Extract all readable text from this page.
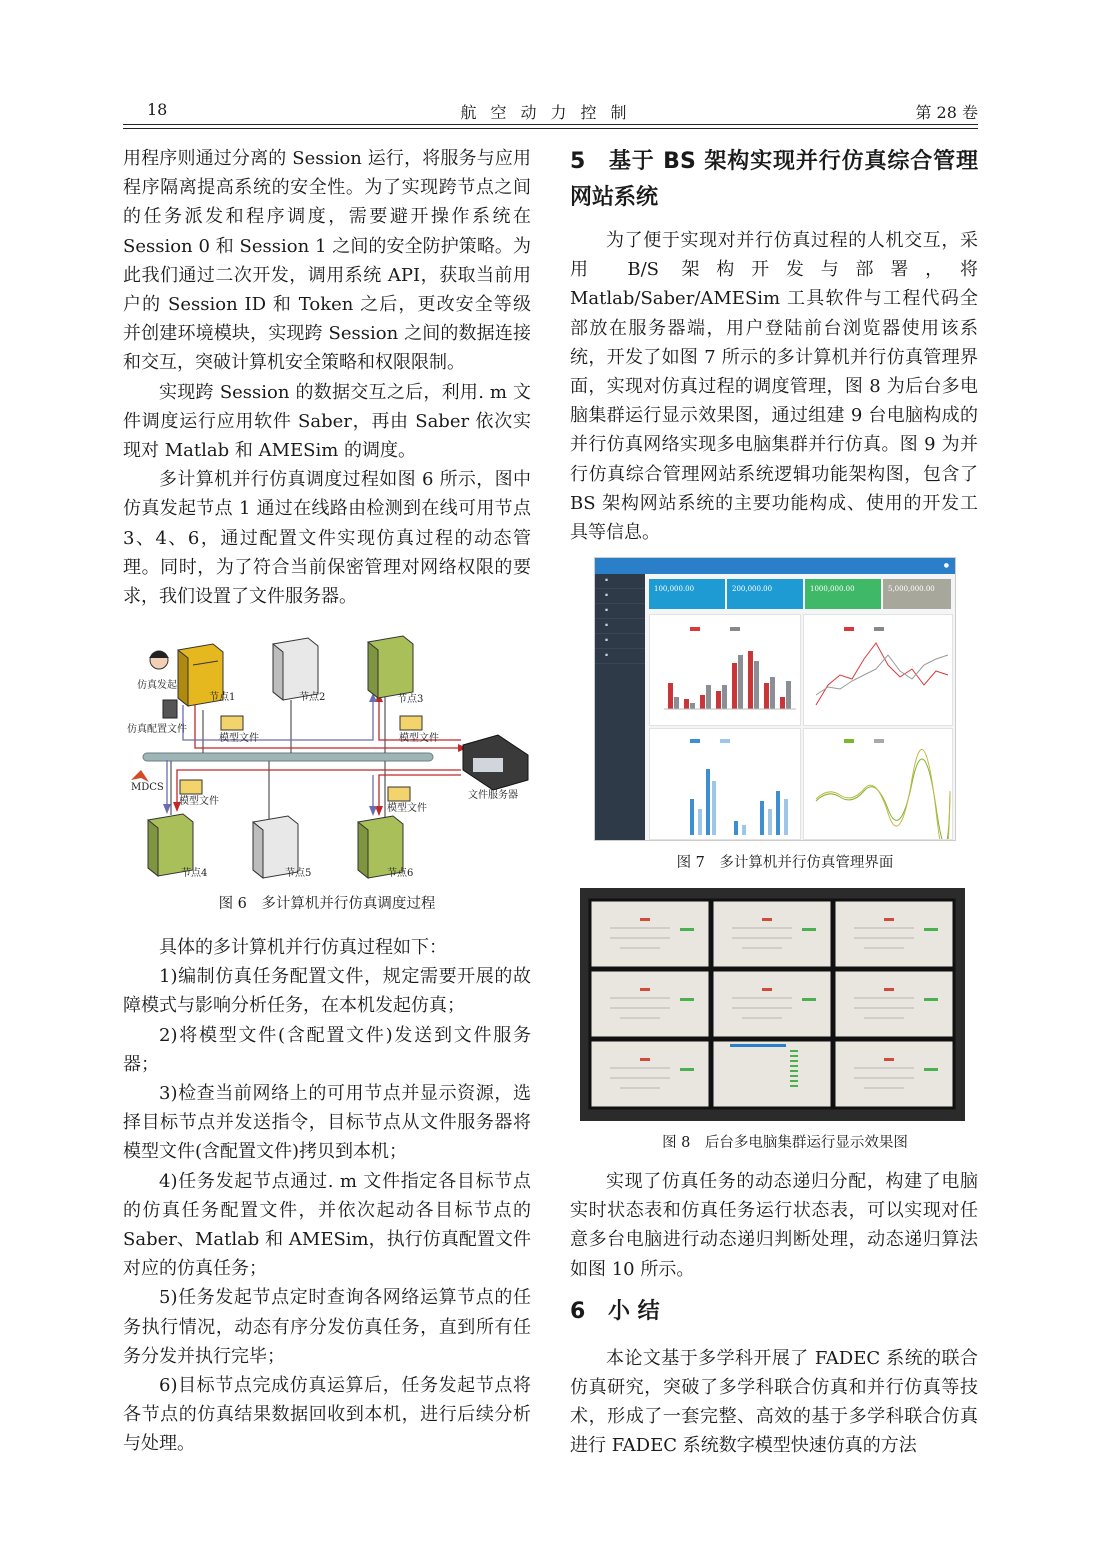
18	航空动力控制	第 28 卷

用程序则通过分离的 Session 运行，将服务与应用程序隔离提高系统的安全性。为了实现跨节点之间的任务派发和程序调度，需要避开操作系统在 Session 0 和 Session 1 之间的安全防护策略。为此我们通过二次开发，调用系统 API，获取当前用户的 Session ID 和 Token 之后，更改安全等级并创建环境模块，实现跨 Session 之间的数据连接和交互，突破计算机安全策略和权限限制。

实现跨 Session 的数据交互之后，利用. m 文件调度运行应用软件 Saber，再由 Saber 依次实现对 Matlab 和 AMESim 的调度。

多计算机并行仿真调度过程如图 6 所示，图中仿真发起节点 1 通过在线路由检测到在线可用节点 3、4、6，通过配置文件实现仿真过程的动态管理。同时，为了符合当前保密管理对网络权限的要求，我们设置了文件服务器。

仿真发起
节点1	节点2	节点3
仿真配置文件
模型文件	模型文件
MDCS
模型文件
模型文件
文件服务器
节点4	节点5	节点6
图 6　多计算机并行仿真调度过程

具体的多计算机并行仿真过程如下：

1)编制仿真任务配置文件，规定需要开展的故障模式与影响分析任务，在本机发起仿真；

2)将模型文件(含配置文件)发送到文件服务器；

3)检查当前网络上的可用节点并显示资源，选择目标节点并发送指令，目标节点从文件服务器将模型文件(含配置文件)拷贝到本机；

4)任务发起节点通过. m 文件指定各目标节点的仿真任务配置文件，并依次起动各目标节点的 Saber、Matlab 和 AMESim，执行仿真配置文件对应的仿真任务；

5)任务发起节点定时查询各网络运算节点的任务执行情况，动态有序分发仿真任务，直到所有任务分发并执行完毕；

6)目标节点完成仿真运算后，任务发起节点将各节点的仿真结果数据回收到本机，进行后续分析与处理。

5 基于 BS 架构实现并行仿真综合管理网站系统

为了便于实现对并行仿真过程的人机交互，采用 B/S 架构开发与部署，将 Matlab/Saber/AMESim 工具软件与工程代码全部放在服务器端，用户登陆前台浏览器使用该系统，开发了如图 7 所示的多计算机并行仿真管理界面，实现对仿真过程的调度管理，图 8 为后台多电脑集群运行显示效果图，通过组建 9 台电脑构成的并行仿真网络实现多电脑集群并行仿真。图 9 为并行仿真综合管理网站系统逻辑功能架构图，包含了 BS 架构网站系统的主要功能构成、使用的开发工具等信息。

●
▪
▪
▪
▪
▪
▪
100,000.00	200,000.00	1000,000.00	5,000,000.00
图 7　多计算机并行仿真管理界面
图 8　后台多电脑集群运行显示效果图

实现了仿真任务的动态递归分配，构建了电脑实时状态表和仿真任务运行状态表，可以实现对任意多台电脑进行动态递归判断处理，动态递归算法如图 10 所示。

6 小 结

本论文基于多学科开展了 FADEC 系统的联合仿真研究，突破了多学科联合仿真和并行仿真等技术，形成了一套完整、高效的基于多学科联合仿真进行 FADEC 系统数字模型快速仿真的方法
